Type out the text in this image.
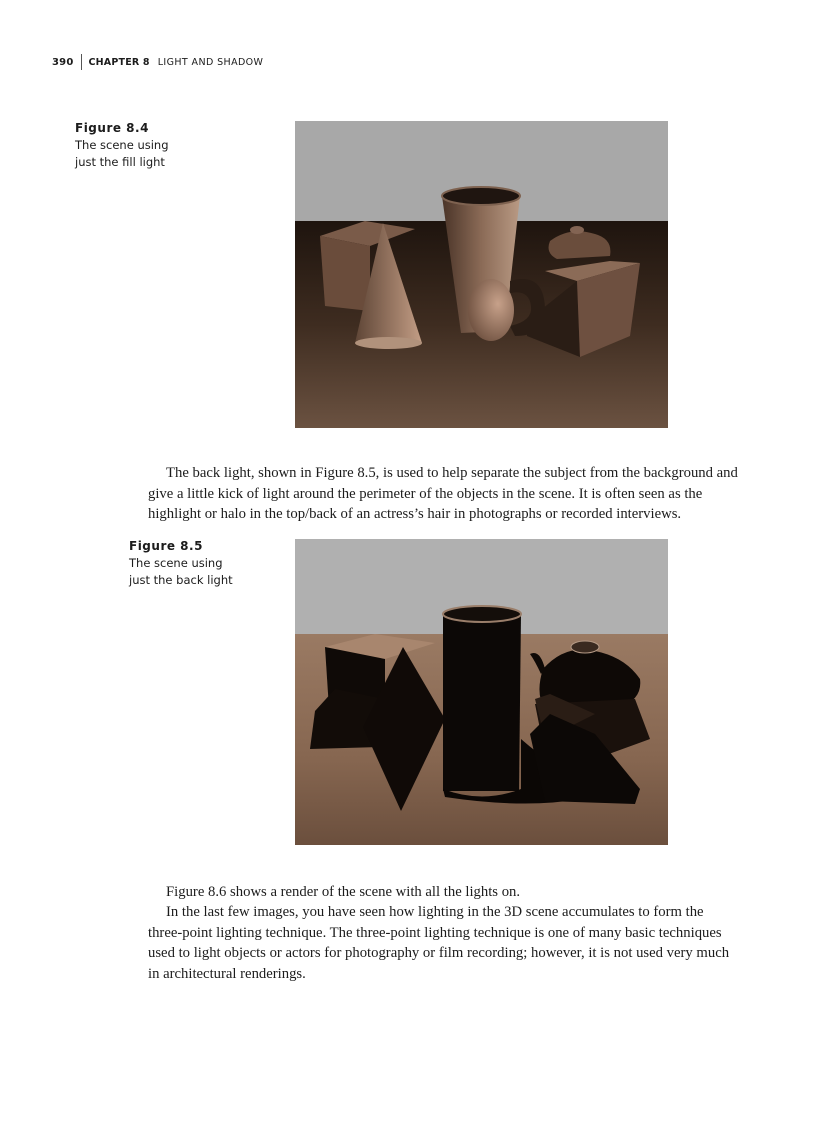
390 CHAPTER 8 LIGHT AND SHADOW
Figure 8.4
The scene using
just the fill light

The back light, shown in Figure 8.5, is used to help separate the subject from the background and give a little kick of light around the perimeter of the objects in the scene. It is often seen as the highlight or halo in the top/back of an actress’s hair in photographs or recorded interviews.

Figure 8.5
The scene using
just the back light

Figure 8.6 shows a render of the scene with all the lights on.

In the last few images, you have seen how lighting in the 3D scene accumulates to form the three-point lighting technique. The three-point lighting technique is one of many basic techniques used to light objects or actors for photography or film recording; however, it is not used very much in architectural renderings.
